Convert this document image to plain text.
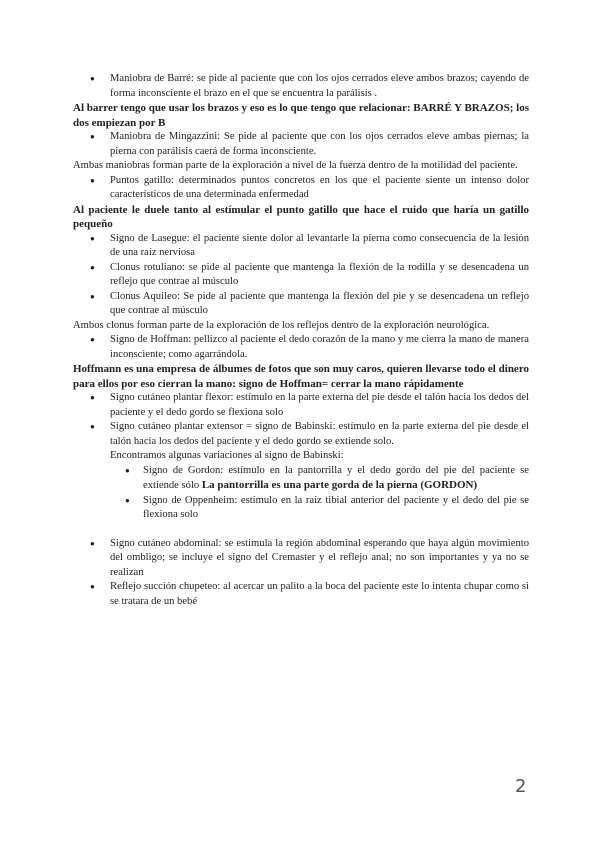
● Maniobra de Barré: se pide al paciente que con los ojos cerrados eleve ambos brazos; cayendo de forma inconsciente el brazo en el que se encuentra la parálisis .

Al barrer tengo que usar los brazos y eso es lo que tengo que relacionar: BARRÉ Y BRAZOS; los dos empiezan por B

● Maniobra de Mingazzini: Se pide al paciente que con los ojos cerrados eleve ambas piernas; la pierna con parálisis caerá de forma inconsciente.

Ambas maniobras forman parte de la exploración a nivel de la fuerza dentro de la motilidad del paciente.

● Puntos gatillo: determinados puntos concretos en los que el paciente siente un intenso dolor característicos de una determinada enfermedad

Al paciente le duele tanto al estímular el punto gatillo que hace el ruido que haría un gatillo pequeño

● Signo de Lasegue: el paciente siente dolor al levantarle la pierna como consecuencia de la lesión de una raíz nerviosa
● Clonus rotuliano: se pide al paciente que mantenga la flexión de la rodilla y se desencadena un reflejo que contrae al músculo
● Clonus Aquileo: Se pide al paciente que mantenga la flexión del pie y se desencadena un reflejo que contrae al músculo

Ambos clonus forman parte de la exploración de los reflejos dentro de la exploración neurológica.

● Signo de Hoffman: pellizco al paciente el dedo corazón de la mano y me cierra la mano de manera inconsciente; como agarrándola.

Hoffmann es una empresa de álbumes de fotos que son muy caros, quieren llevarse todo el dinero para ellos por eso cierran la mano: signo de Hoffman= cerrar la mano rápidamente

● Signo cutáneo plantar flexor: estímulo en la parte externa del pie desde el talón hacia los dedos del paciente y el dedo gordo se flexiona solo
● Signo cutáneo plantar extensor = signo de Babinski: estímulo en la parte externa del pie desde el talón hacia los dedos del paciente y el dedo gordo se extiende solo.
Encontramos algunas variaciones al signo de Babinski:
● Signo de Gordon: estímulo en la pantorrilla y el dedo gordo del pie del paciente se extiende sólo La pantorrilla es una parte gorda de la pierna (GORDON)
● Signo de Oppenheim: estímulo en la raíz tibial anterior del paciente y el dedo del pie se flexiona solo
● Signo cutáneo abdominal: se estimula la región abdominal esperando que haya algún movimiento del ombligo; se incluye el signo del Cremaster y el reflejo anal; no son importantes y ya no se realizan
● Reflejo succión chupeteo: al acercar un palito a la boca del paciente este lo intenta chupar como si se tratara de un bebé
2
